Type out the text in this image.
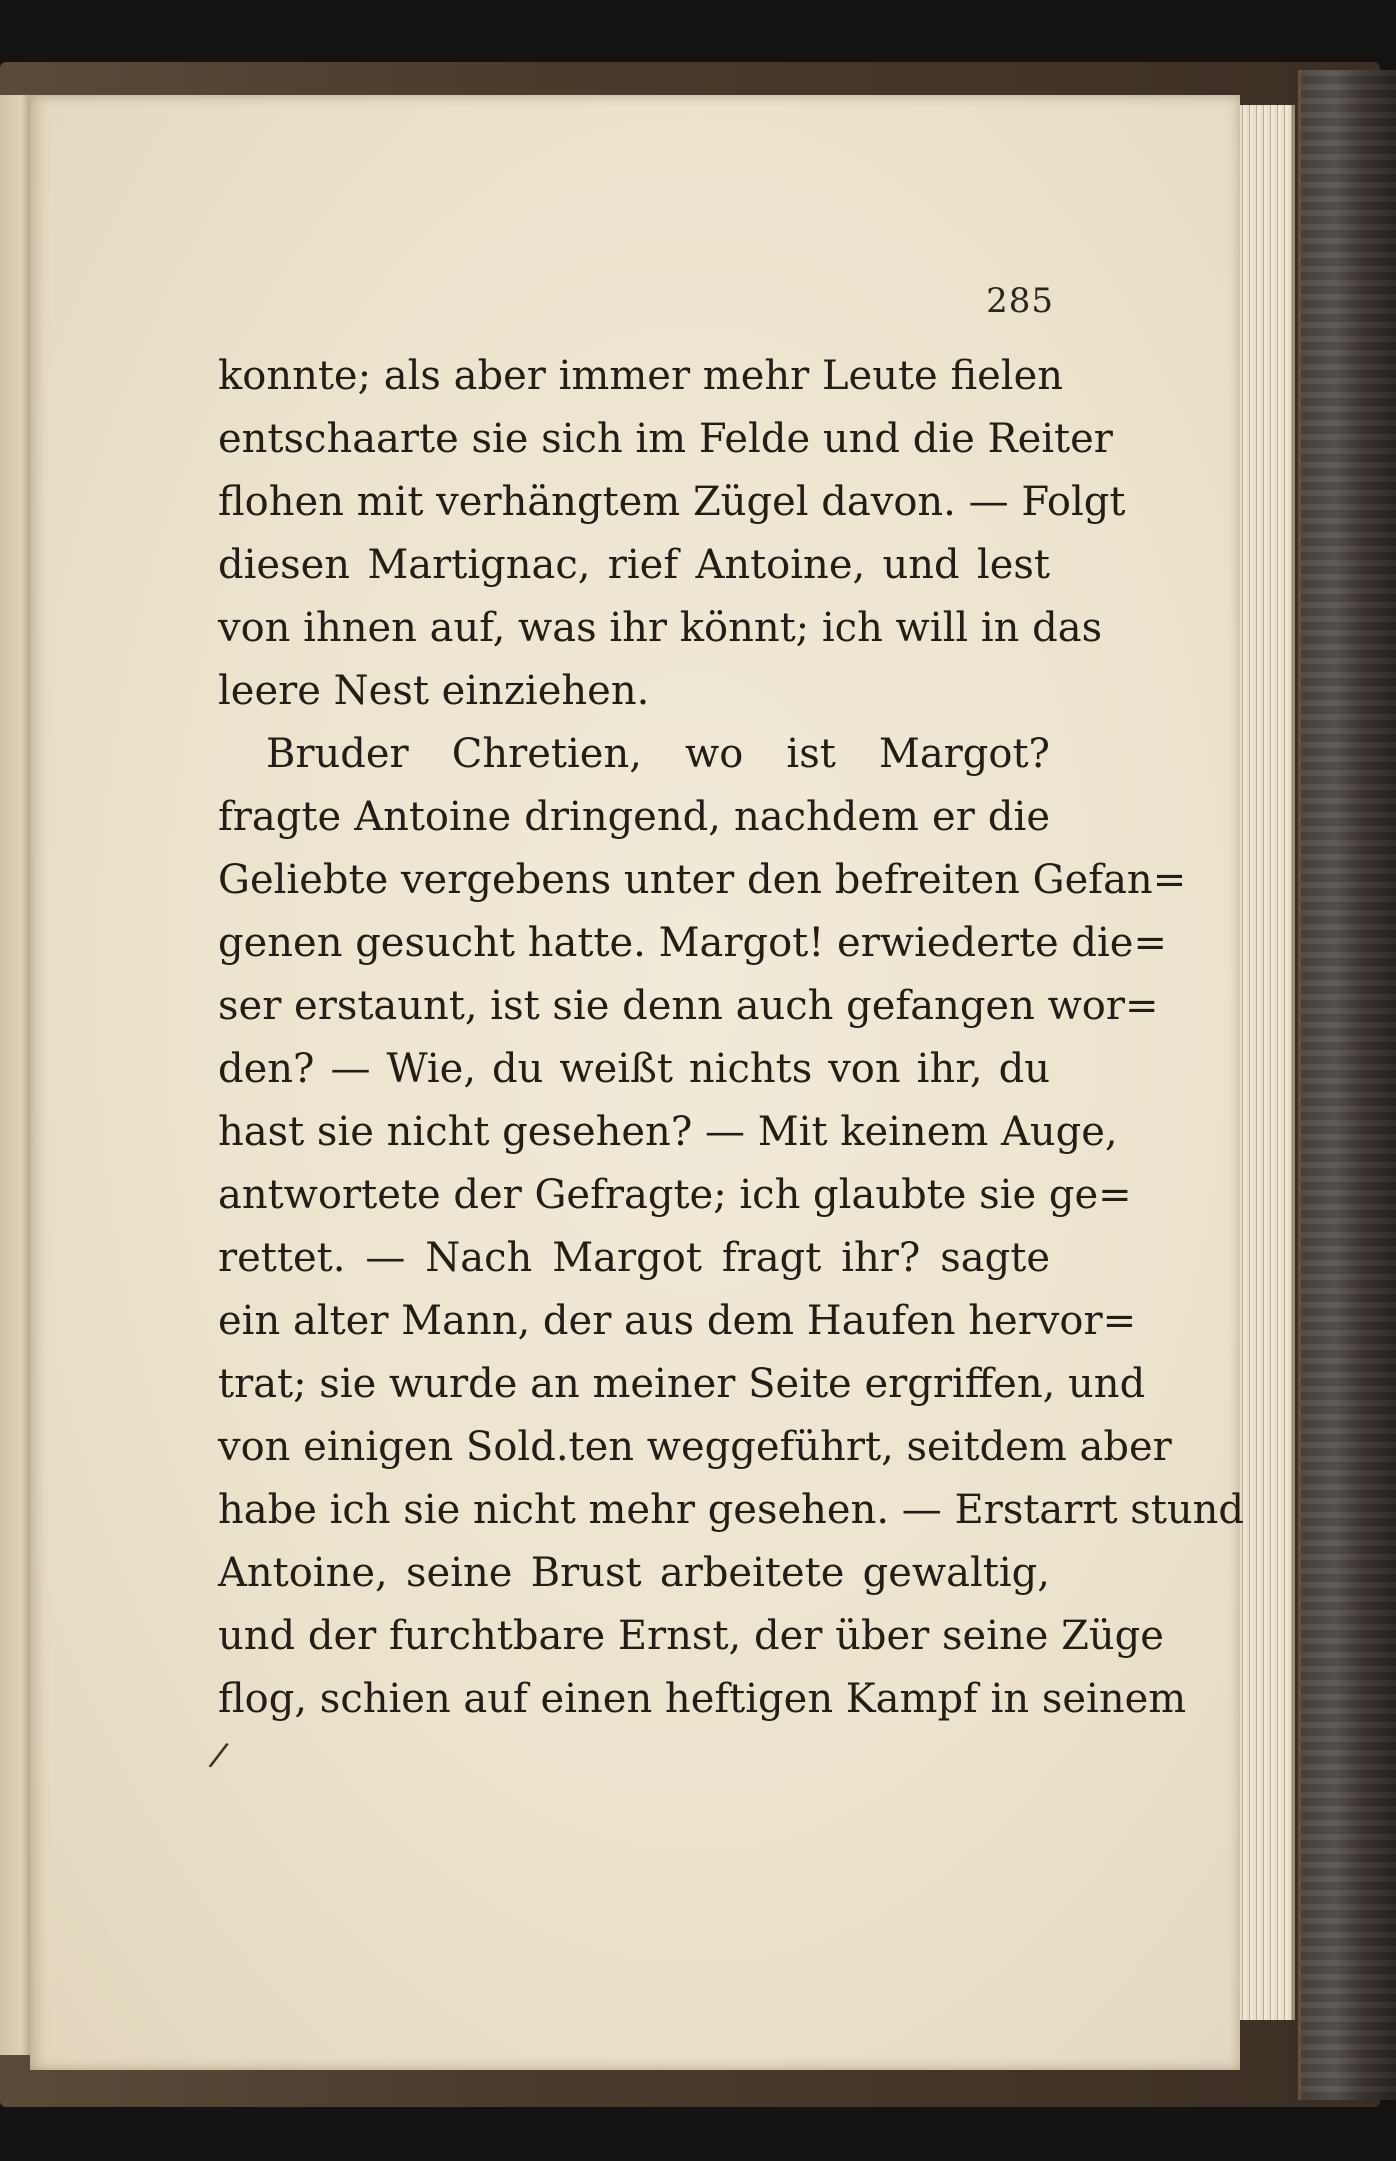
285
konnte; als aber immer mehr Leute fielen
entschaarte sie sich im Felde und die Reiter
flohen mit verhängtem Zügel davon. — Folgt
diesen Martignac, rief Antoine, und lest
von ihnen auf, was ihr könnt; ich will in das
leere Nest einziehen.
Bruder Chretien, wo ist Margot?
fragte Antoine dringend, nachdem er die
Geliebte vergebens unter den befreiten Gefan=
genen gesucht hatte. Margot! erwiederte die=
ser erstaunt, ist sie denn auch gefangen wor=
den? — Wie, du weißt nichts von ihr, du
hast sie nicht gesehen? — Mit keinem Auge,
antwortete der Gefragte; ich glaubte sie ge=
rettet. — Nach Margot fragt ihr? sagte
ein alter Mann, der aus dem Haufen hervor=
trat; sie wurde an meiner Seite ergriffen, und
von einigen Sold.ten weggeführt, seitdem aber
habe ich sie nicht mehr gesehen. — Erstarrt stund
Antoine, seine Brust arbeitete gewaltig,
und der furchtbare Ernst, der über seine Züge
flog, schien auf einen heftigen Kampf in seinem
/
